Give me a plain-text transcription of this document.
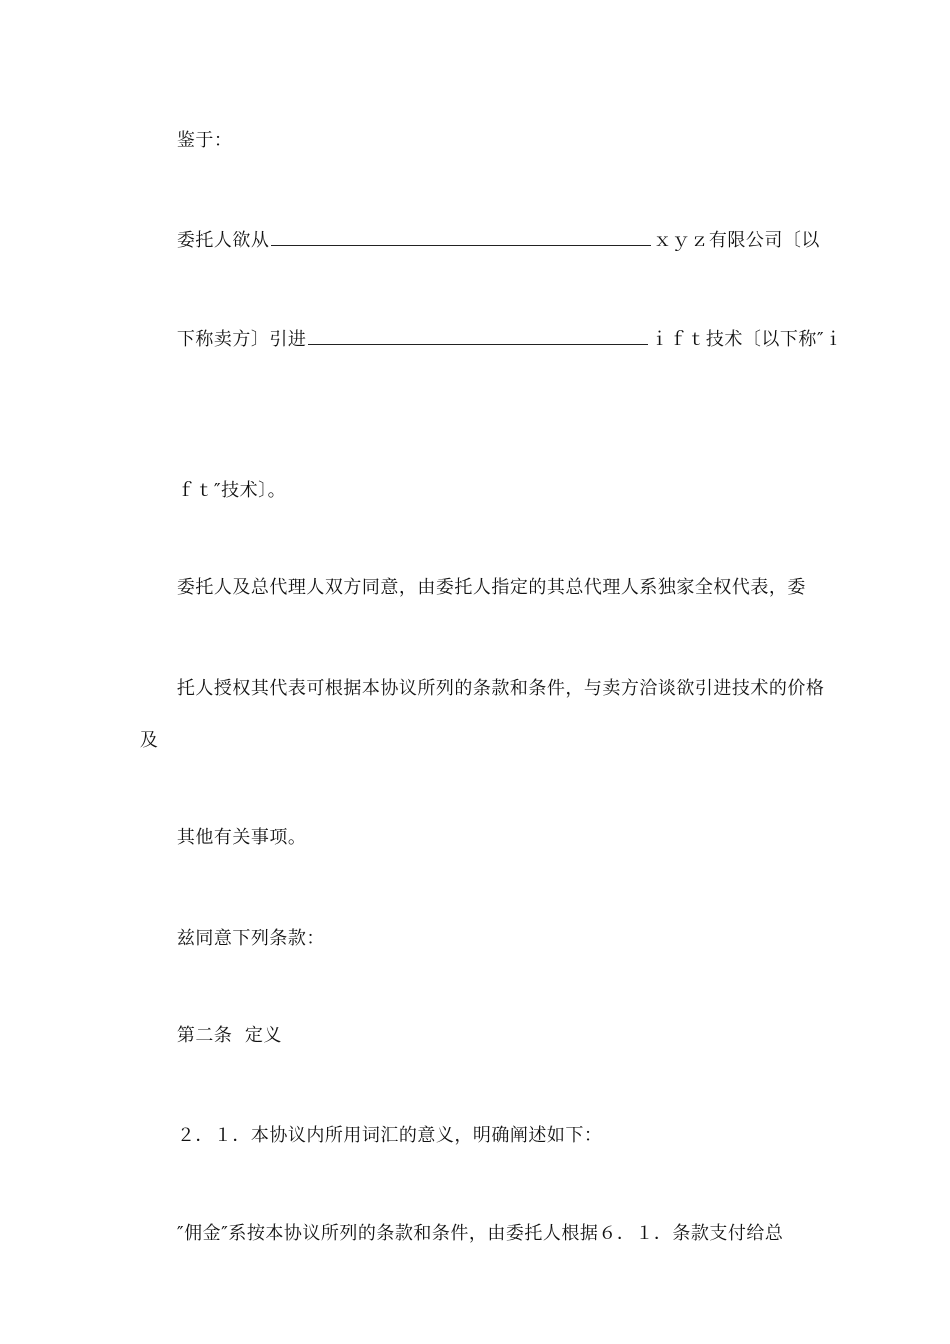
鉴于：

委托人欲从	ｘｙｚ有限公司〔以

下称卖方〕引进	ｉｆｔ技术〔以下称″ｉ

ｆｔ″技术〕。

委托人及总代理人双方同意，由委托人指定的其总代理人系独家全权代表，委

托人授权其代表可根据本协议所列的条款和条件，与卖方洽谈欲引进技术的价格

及

其他有关事项。

兹同意下列条款：

第二条  定义

２．１．本协议内所用词汇的意义，明确阐述如下：

″佣金″系按本协议所列的条款和条件，由委托人根据６．１．条款支付给总
